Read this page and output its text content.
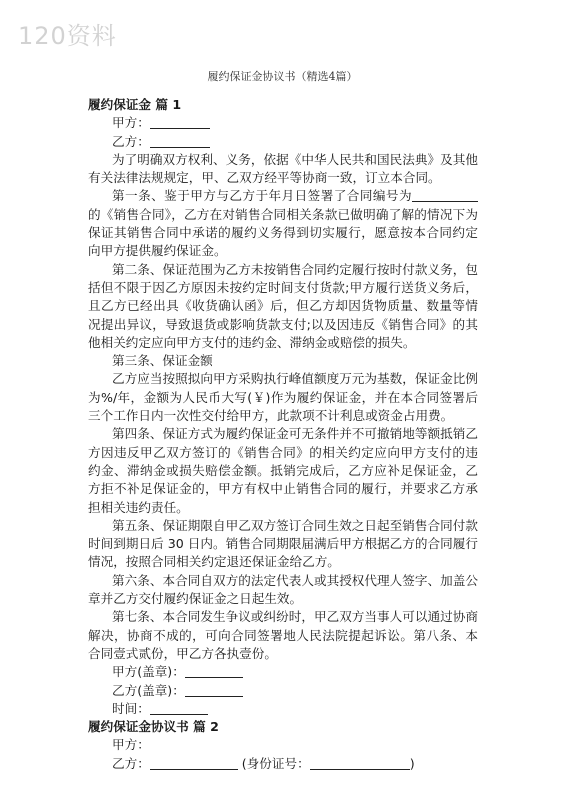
120资料
履约保证金协议书（精选4篇）

履约保证金 篇 1

甲方：

乙方：

为了明确双方权利、义务，依据《中华人民共和国民法典》及其他有关法律法规规定，甲、乙双方经平等协商一致，订立本合同。

第一条、鉴于甲方与乙方于年月日签署了合同编号为的《销售合同》，乙方在对销售合同相关条款已做明确了解的情况下为保证其销售合同中承诺的履约义务得到切实履行，愿意按本合同约定向甲方提供履约保证金。

第二条、保证范围为乙方未按销售合同约定履行按时付款义务，包括但不限于因乙方原因未按约定时间支付货款;甲方履行送货义务后，且乙方已经出具《收货确认函》后，但乙方却因货物质量、数量等情况提出异议，导致退货或影响货款支付;以及因违反《销售合同》的其他相关约定应向甲方支付的违约金、滞纳金或赔偿的损失。

第三条、保证金额

乙方应当按照拟向甲方采购执行峰值额度万元为基数，保证金比例为%/年，金额为人民币大写(￥)作为履约保证金，并在本合同签署后三个工作日内一次性交付给甲方，此款项不计利息或资金占用费。

第四条、保证方式为履约保证金可无条件并不可撤销地等额抵销乙方因违反甲乙双方签订的《销售合同》的相关约定应向甲方支付的违约金、滞纳金或损失赔偿金额。抵销完成后，乙方应补足保证金，乙方拒不补足保证金的，甲方有权中止销售合同的履行，并要求乙方承担相关违约责任。

第五条、保证期限自甲乙双方签订合同生效之日起至销售合同付款时间到期日后 30 日内。销售合同期限届满后甲方根据乙方的合同履行情况，按照合同相关约定退还保证金给乙方。

第六条、本合同自双方的法定代表人或其授权代理人签字、加盖公章并乙方交付履约保证金之日起生效。

第七条、本合同发生争议或纠纷时，甲乙双方当事人可以通过协商解决，协商不成的，可向合同签署地人民法院提起诉讼。第八条、本合同壹式贰份，甲乙方各执壹份。

甲方(盖章)：

乙方(盖章)：

时间：

履约保证金协议书 篇 2

甲方：

乙方：	(身份证号：	)
